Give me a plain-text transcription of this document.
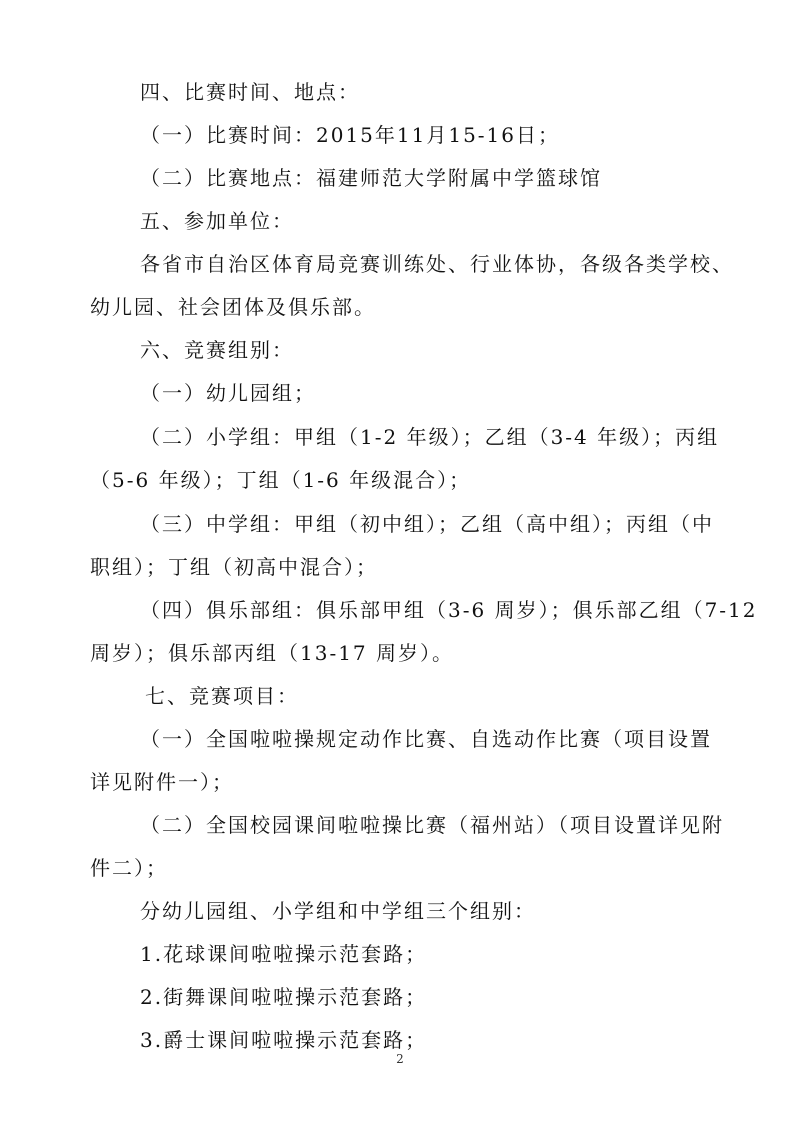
四、比赛时间、地点：
（一）比赛时间：2015年11月15-16日；
（二）比赛地点：福建师范大学附属中学篮球馆
五、参加单位：
各省市自治区体育局竞赛训练处、行业体协，各级各类学校、
幼儿园、社会团体及俱乐部。
六、竞赛组别：
（一）幼儿园组；
（二）小学组：甲组（1-2 年级）；乙组（3-4 年级）；丙组
（5-6 年级）；丁组（1-6 年级混合）；
（三）中学组：甲组（初中组）；乙组（高中组）；丙组（中
职组）；丁组（初高中混合）；
（四）俱乐部组：俱乐部甲组（3-6 周岁）；俱乐部乙组（7-12
周岁）；俱乐部丙组（13-17 周岁）。
七、竞赛项目：
（一）全国啦啦操规定动作比赛、自选动作比赛（项目设置
详见附件一）；
（二）全国校园课间啦啦操比赛（福州站）（项目设置详见附
件二）；
分幼儿园组、小学组和中学组三个组别：
1.花球课间啦啦操示范套路；
2.街舞课间啦啦操示范套路；
3.爵士课间啦啦操示范套路；
2
